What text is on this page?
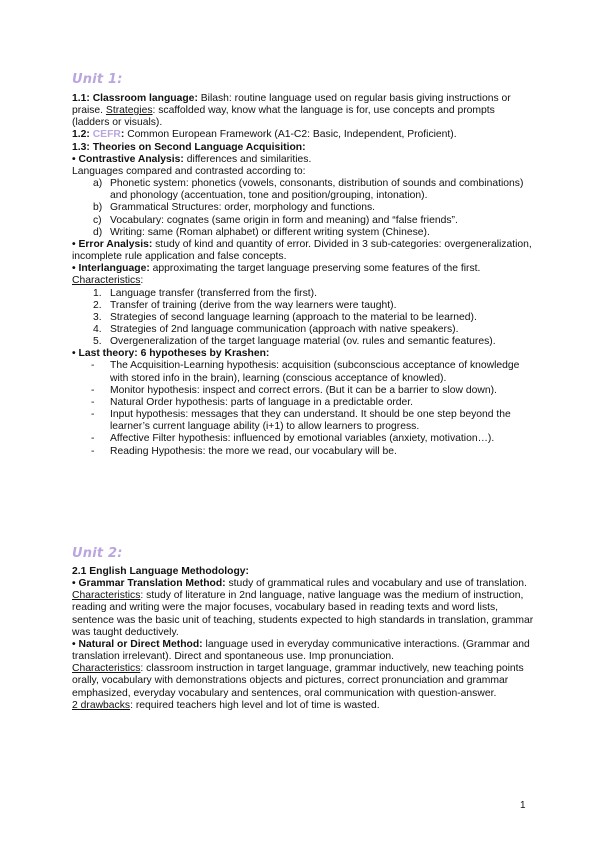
Unit 1:

1.1: Classroom language: Bilash: routine language used on regular basis giving instructions or praise. Strategies: scaffolded way, know what the language is for, use concepts and prompts (ladders or visuals).

1.2: CEFR: Common European Framework (A1-C2: Basic, Independent, Proficient).

1.3: Theories on Second Language Acquisition:

• Contrastive Analysis: differences and similarities.

Languages compared and contrasted according to:

a) Phonetic system: phonetics (vowels, consonants, distribution of sounds and combinations) and phonology (accentuation, tone and position/grouping, intonation).

b) Grammatical Structures: order, morphology and functions.

c) Vocabulary: cognates (same origin in form and meaning) and “false friends”.

d) Writing: same (Roman alphabet) or different writing system (Chinese).

• Error Analysis: study of kind and quantity of error. Divided in 3 sub-categories: overgeneralization, incomplete rule application and false concepts.

• Interlanguage: approximating the target language preserving some features of the first.

Characteristics:

1. Language transfer (transferred from the first).

2. Transfer of training (derive from the way learners were taught).

3. Strategies of second language learning (approach to the material to be learned).

4. Strategies of 2nd language communication (approach with native speakers).

5. Overgeneralization of the target language material (ov. rules and semantic features).

• Last theory: 6 hypotheses by Krashen:

- The Acquisition-Learning hypothesis: acquisition (subconscious acceptance of knowledge with stored info in the brain), learning (conscious acceptance of knowled).

- Monitor hypothesis: inspect and correct errors. (But it can be a barrier to slow down).

- Natural Order hypothesis: parts of language in a predictable order.

- Input hypothesis: messages that they can understand. It should be one step beyond the learner’s current language ability (i+1) to allow learners to progress.

- Affective Filter hypothesis: influenced by emotional variables (anxiety, motivation…).

- Reading Hypothesis: the more we read, our vocabulary will be.

Unit 2:

2.1 English Language Methodology:

• Grammar Translation Method: study of grammatical rules and vocabulary and use of translation.

Characteristics: study of literature in 2nd language, native language was the medium of instruction, reading and writing were the major focuses, vocabulary based in reading texts and word lists, sentence was the basic unit of teaching, students expected to high standards in translation, grammar was taught deductively.

• Natural or Direct Method: language used in everyday communicative interactions. (Grammar and translation irrelevant). Direct and spontaneous use. Imp pronunciation.

Characteristics: classroom instruction in target language, grammar inductively, new teaching points orally, vocabulary with demonstrations objects and pictures, correct pronunciation and grammar emphasized, everyday vocabulary and sentences, oral communication with question-answer.

2 drawbacks: required teachers high level and lot of time is wasted.

1
